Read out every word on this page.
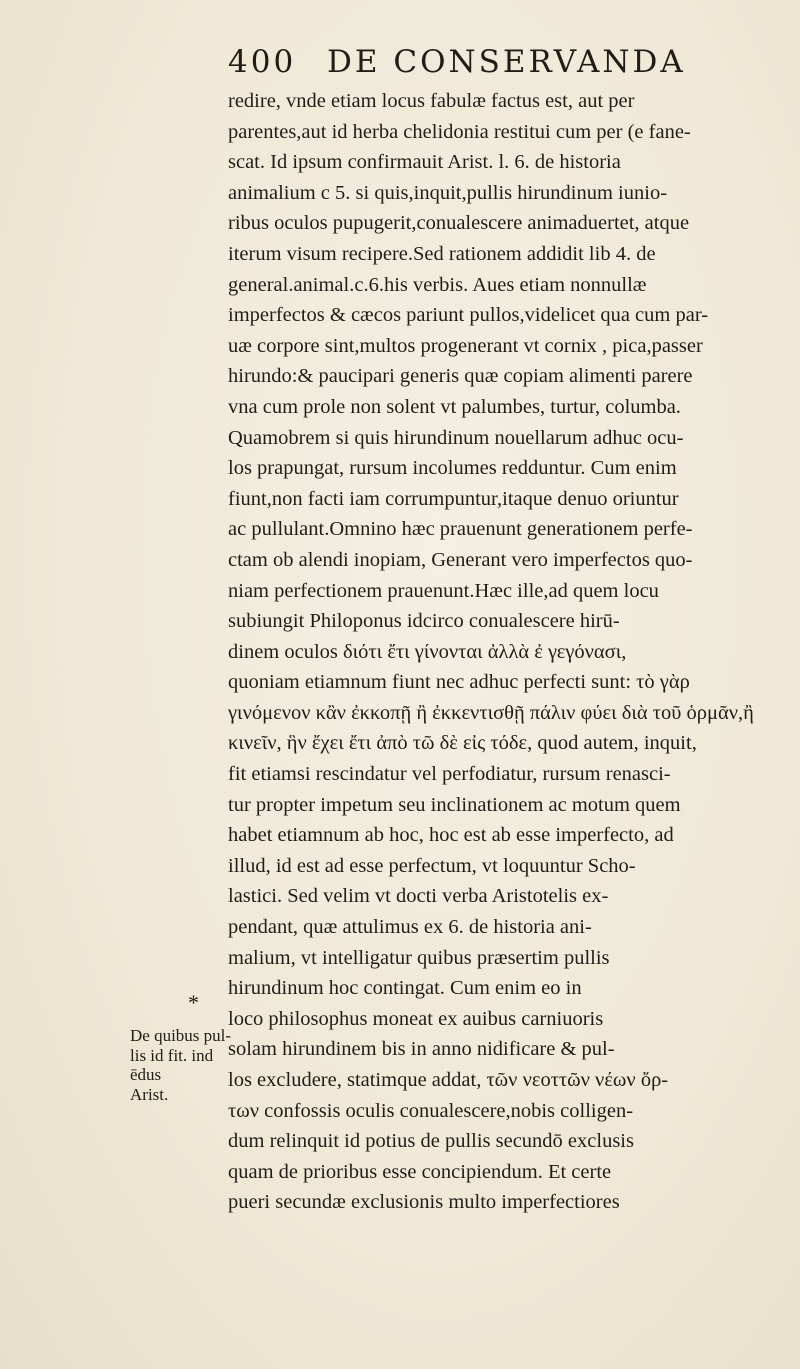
400 DE CONSERVANDA
redire, vnde etiam locus fabulæ factus est, aut per
parentes,aut id herba chelidonia restitui cum per (e fane-
scat. Id ipsum confirmauit Arist. l. 6. de historia
animalium c 5. si quis,inquit,pullis hirundinum iunio-
ribus oculos pupugerit,conualescere animaduertet, atque
iterum visum recipere.Sed rationem addidit lib 4. de
general.animal.c.6.his verbis. Aues etiam nonnullæ
imperfectos & cæcos pariunt pullos,videlicet qua cum par-
uæ corpore sint,multos progenerant vt cornix , pica,passer
hirundo:& paucipari generis quæ copiam alimenti parere
vna cum prole non solent vt palumbes, turtur, columba.
Quamobrem si quis hirundinum nouellarum adhuc ocu-
los prapungat, rursum incolumes redduntur. Cum enim
fiunt,non facti iam corrumpuntur,itaque denuo oriuntur
ac pullulant.Omnino hæc prauenunt generationem perfe-
ctam ob alendi inopiam, Generant vero imperfectos quo-
niam perfectionem prauenunt.Hæc ille,ad quem locu
subiungit Philoponus idcirco conualescere hirū-
dinem oculos διότι ἔτι γίνονται ἀλλὰ ἐ γεγόνασι,
quoniam etiamnum fiunt nec adhuc perfecti sunt: τὸ γὰρ
γινόμενον κἂν ἐκκοπῇ ἢ ἐκκεντισθῇ πάλιν φύει διὰ τοῦ ὁρμᾶν,ἢ
κινεῖν, ἣν ἔχει ἔτι ἀπὸ τῶ δὲ εἰς τόδε, quod autem, inquit,
fit etiamsi rescindatur vel perfodiatur, rursum renasci-
tur propter impetum seu inclinationem ac motum quem
habet etiamnum ab hoc, hoc est ab esse imperfecto, ad
illud, id est ad esse perfectum, vt loquuntur Scho-
lastici. Sed velim vt docti verba Aristotelis ex-
pendant, quæ attulimus ex 6. de historia ani-
malium, vt intelligatur quibus præsertim pullis
hirundinum hoc contingat. Cum enim eo in
loco philosophus moneat ex auibus carniuoris
solam hirundinem bis in anno nidificare & pul-
los excludere, statimque addat, τῶν νεοττῶν νέων ὄρ-
των confossis oculis conualescere,nobis colligen-
dum relinquit id potius de pullis secundō exclusis
quam de prioribus esse concipiendum. Et certe
pueri secundæ exclusionis multo imperfectiores
*
De quibus pul-
lis id fit. ind
ēdus
Arist.
